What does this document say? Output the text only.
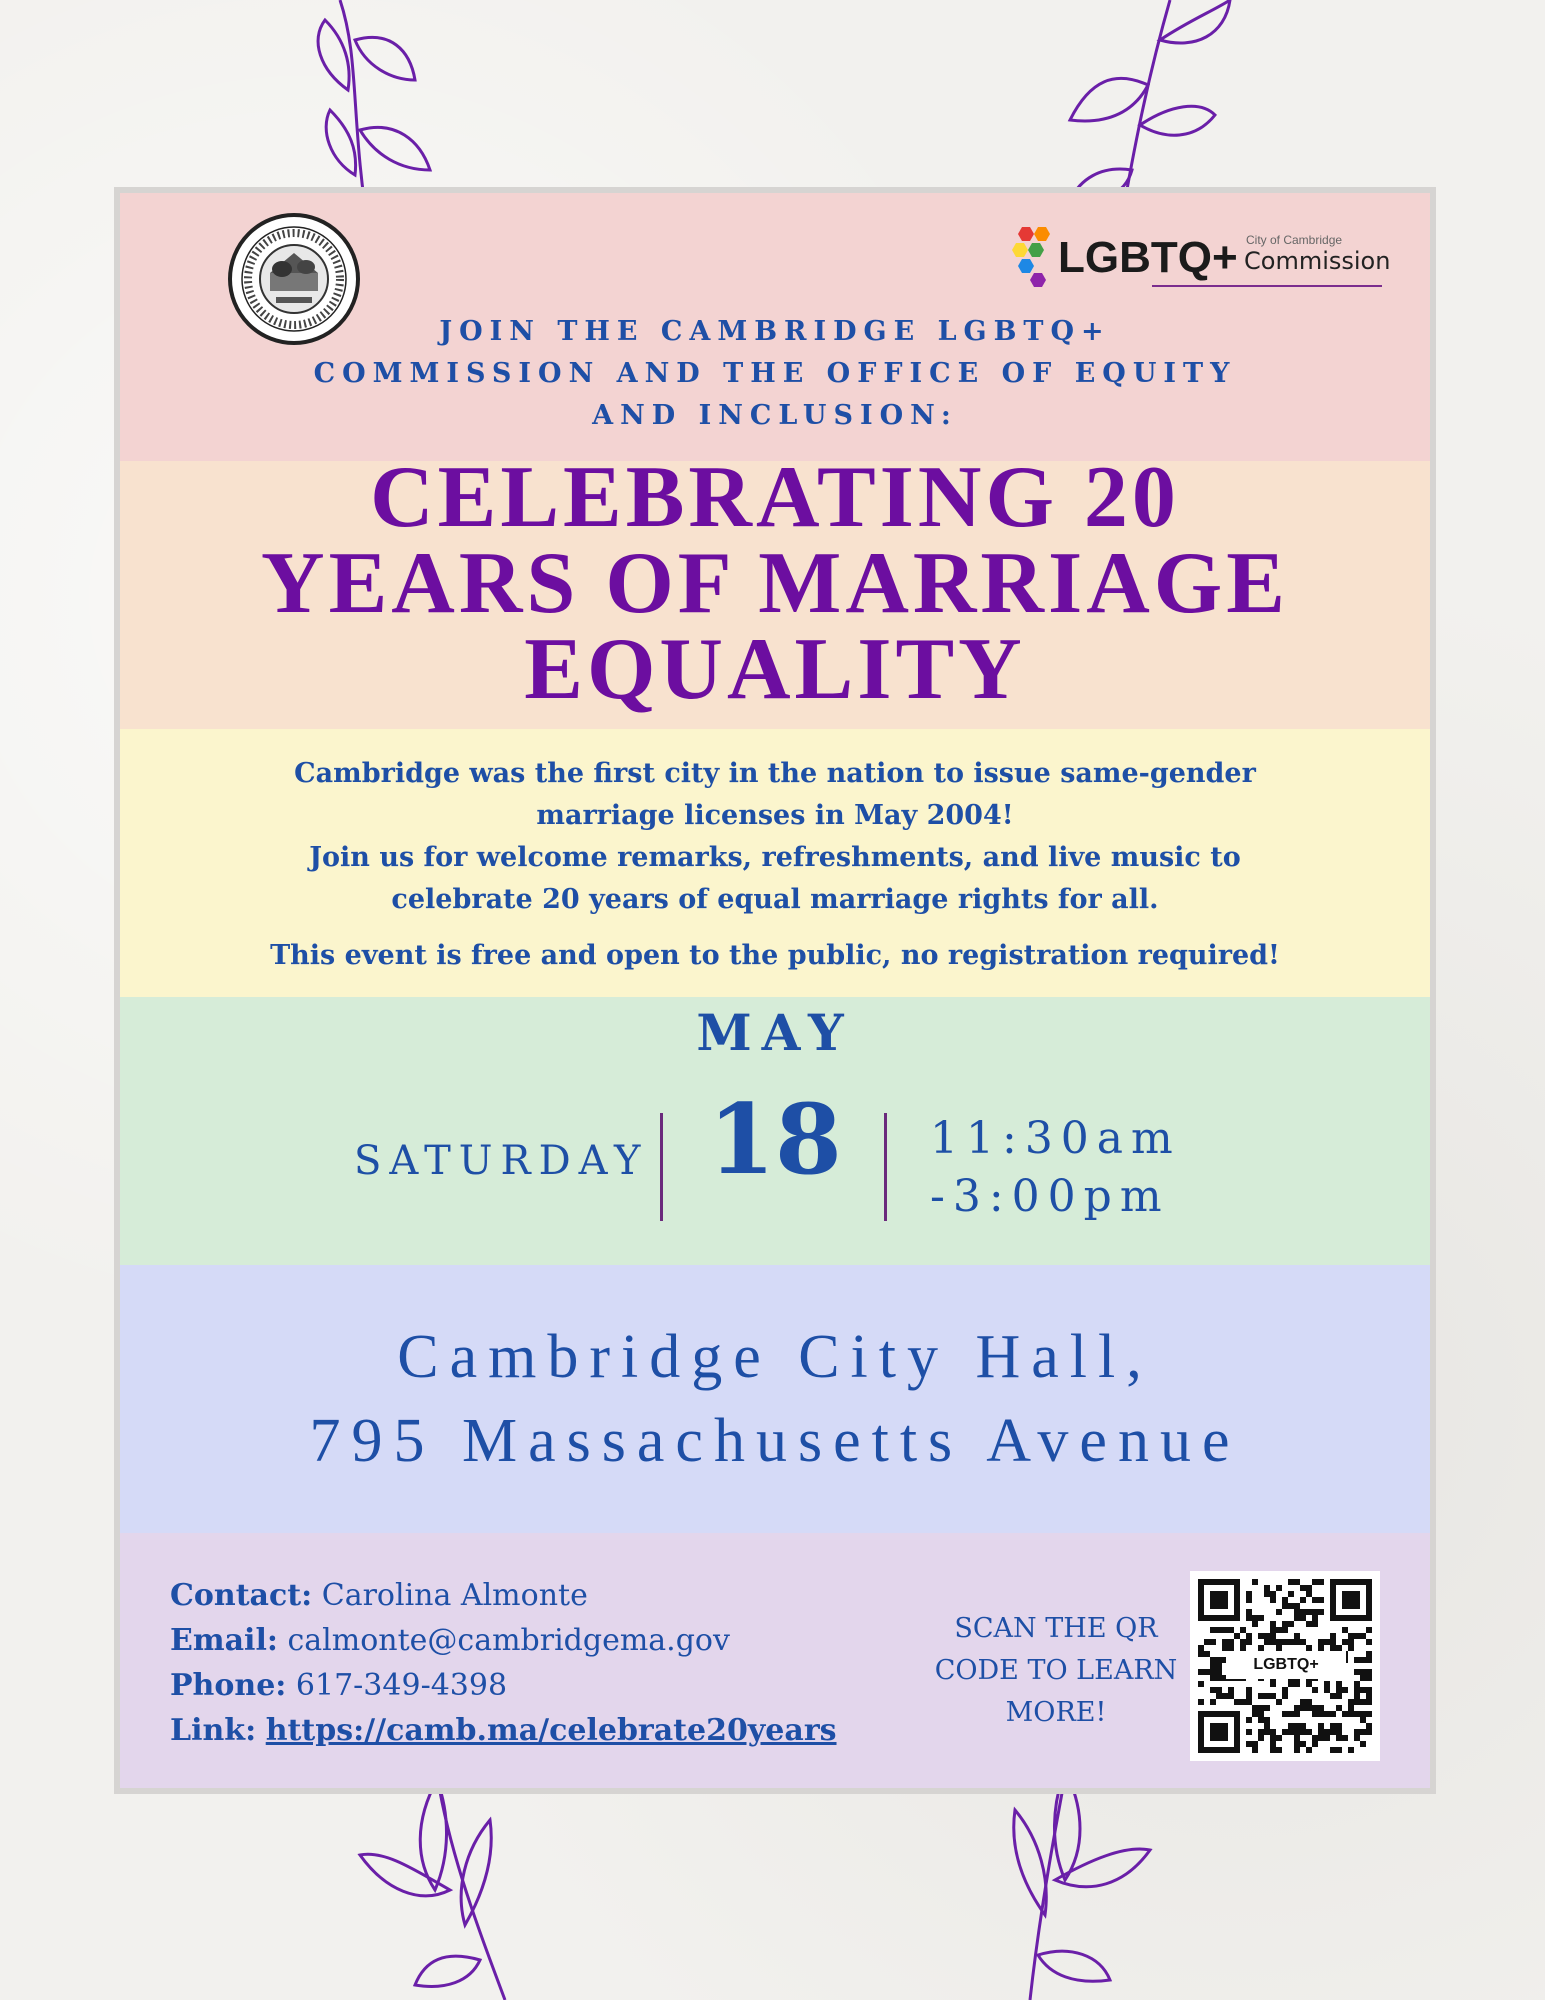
LGBTQ+ City of Cambridge
Commission
JOIN THE CAMBRIDGE LGBTQ+
COMMISSION AND THE OFFICE OF EQUITY
AND INCLUSION:
CELEBRATING 20
YEARS OF MARRIAGE
EQUALITY
Cambridge was the first city in the nation to issue same-gender
marriage licenses in May 2004!
Join us for welcome remarks, refreshments, and live music to
celebrate 20 years of equal marriage rights for all.
This event is free and open to the public, no registration required!
MAY
SATURDAY 18	11:30am
-3:00pm
Cambridge City Hall,
795 Massachusetts Avenue
Contact: Carolina Almonte
Email: calmonte@cambridgema.gov
Phone: 617-349-4398
Link: https://camb.ma/celebrate20years
SCAN THE QR
CODE TO LEARN
MORE!
LGBTQ+
